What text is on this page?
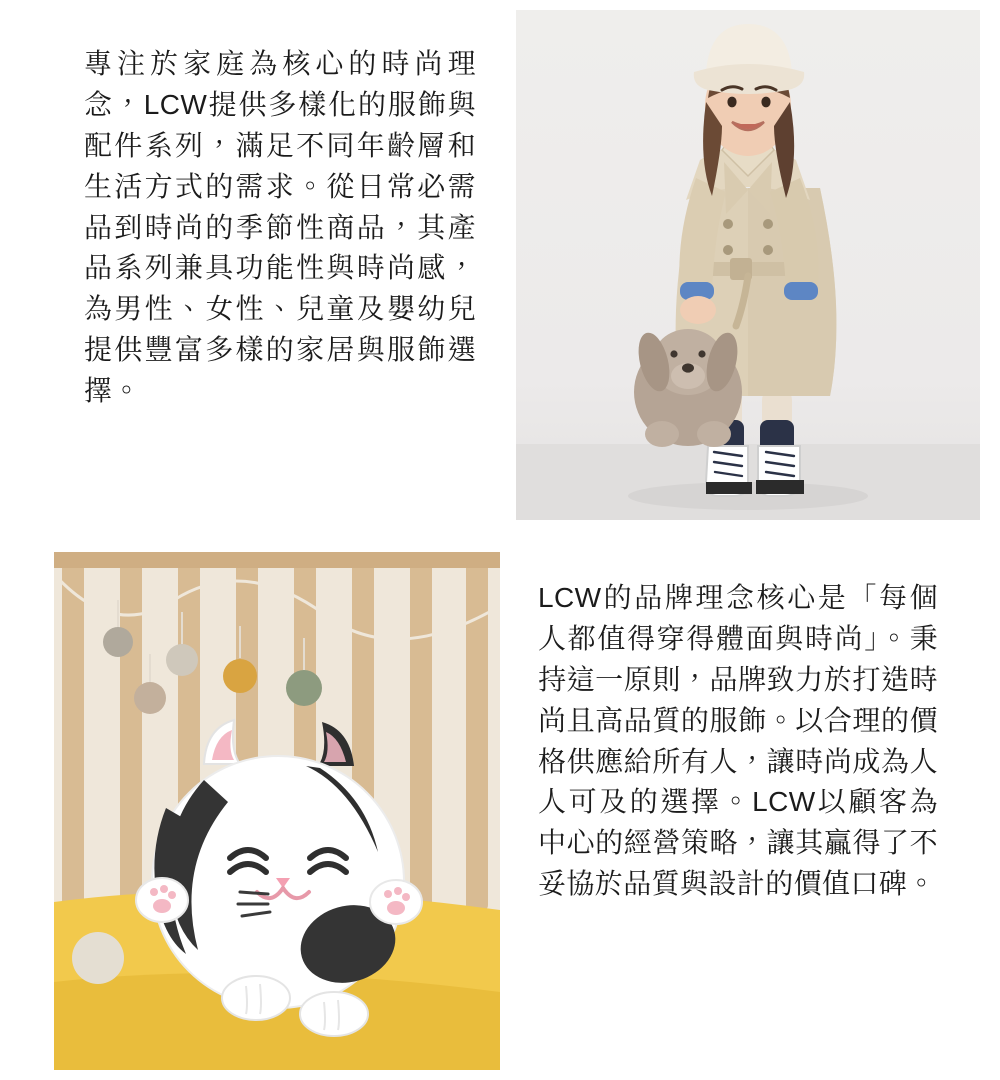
專注於家庭為核心的時尚理念，LCW提供多樣化的服飾與配件系列，滿足不同年齡層和生活方式的需求。從日常必需品到時尚的季節性商品，其產品系列兼具功能性與時尚感，為男性、女性、兒童及嬰幼兒提供豐富多樣的家居與服飾選擇。

LCW的品牌理念核心是「每個人都值得穿得體面與時尚」。秉持這一原則，品牌致力於打造時尚且高品質的服飾。以合理的價格供應給所有人，讓時尚成為人人可及的選擇。LCW以顧客為中心的經營策略，讓其贏得了不妥協於品質與設計的價值口碑。
